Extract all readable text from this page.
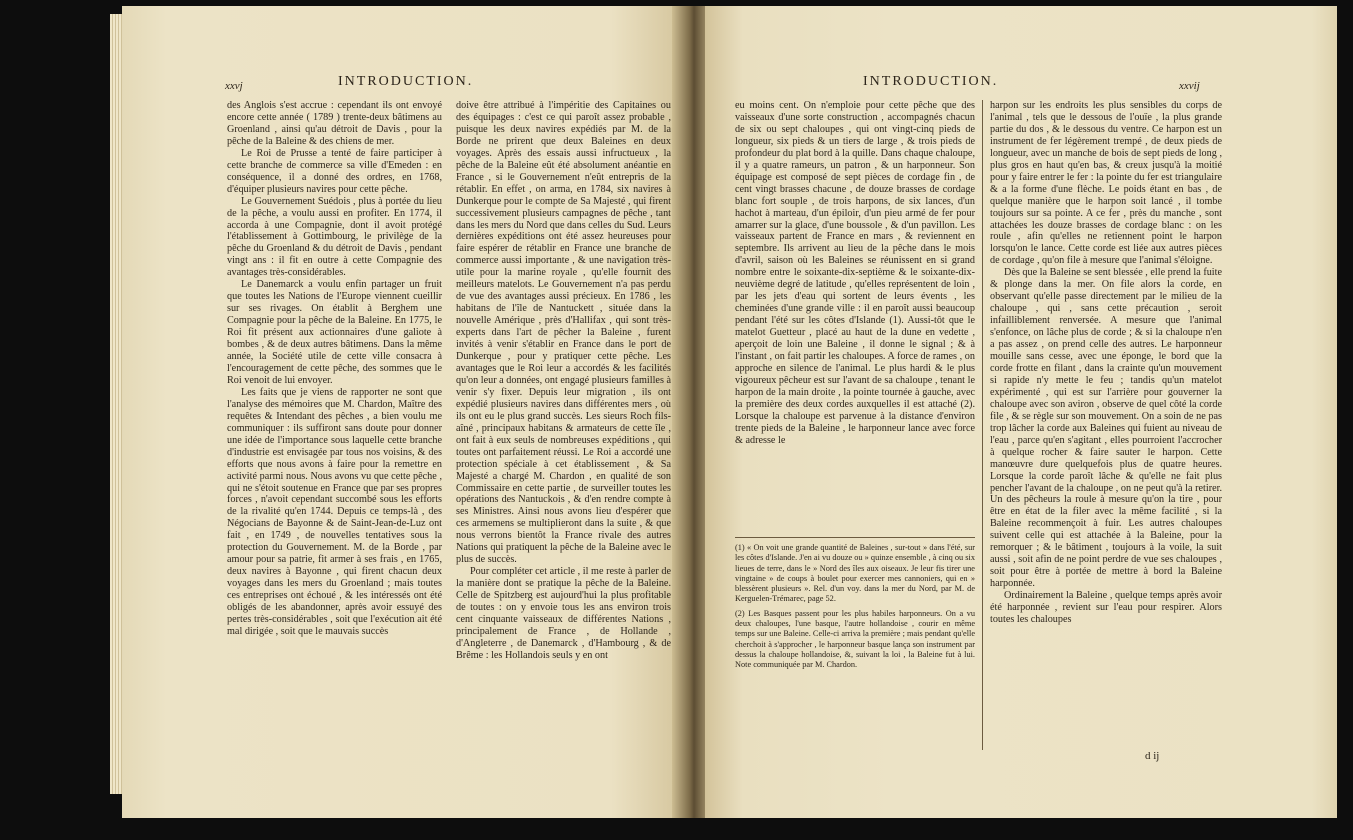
xxvj	INTRODUCTION.

des Anglois s'est accrue : cependant ils ont envoyé encore cette année ( 1789 ) trente-deux bâtimens au Groenland , ainsi qu'au détroit de Davis , pour la pêche de la Baleine & des chiens de mer.

Le Roi de Prusse a tenté de faire participer à cette branche de commerce sa ville d'Emeden : en conséquence, il a donné des ordres, en 1768, d'équiper plusieurs navires pour cette pêche.

Le Gouvernement Suédois , plus à portée du lieu de la pêche, a voulu aussi en profiter. En 1774, il accorda à une Compagnie, dont il avoit protégé l'établissement à Gottimbourg, le privilège de la pêche du Groenland & du détroit de Davis , pendant vingt ans : il fit en outre à cette Compagnie des avantages très-considérables.

Le Danemarck a voulu enfin partager un fruit que toutes les Nations de l'Europe viennent cueillir sur ses rivages. On établit à Berghem une Compagnie pour la pêche de la Baleine. En 1775, le Roi fit présent aux actionnaires d'une galiote à bombes , & de deux autres bâtimens. Dans la même année, la Société utile de cette ville consacra à l'encouragement de cette pêche, des sommes que le Roi venoit de lui envoyer.

Les faits que je viens de rapporter ne sont que l'analyse des mémoires que M. Chardon, Maître des requêtes & Intendant des pêches , a bien voulu me communiquer : ils suffiront sans doute pour donner une idée de l'importance sous laquelle cette branche d'industrie est envisagée par tous nos voisins, & des efforts que nous avons à faire pour la remettre en activité parmi nous. Nous avons vu que cette pêche , qui ne s'étoit soutenue en France que par ses propres forces , n'avoit cependant succombé sous les efforts de la rivalité qu'en 1744. Depuis ce temps-là , des Négocians de Bayonne & de Saint-Jean-de-Luz ont fait , en 1749 , de nouvelles tentatives sous la protection du Gouvernement. M. de la Borde , par amour pour sa patrie, fit armer à ses frais , en 1765, deux navires à Bayonne , qui firent chacun deux voyages dans les mers du Groenland ; mais toutes ces entreprises ont échoué , & les intéressés ont été obligés de les abandonner, après avoir essuyé des pertes très-considérables , soit que l'exécution ait été mal dirigée , soit que le mauvais succès

doive être attribué à l'impéritie des Capitaines ou des équipages : c'est ce qui paroît assez probable , puisque les deux navires expédiés par M. de la Borde ne prirent que deux Baleines en deux voyages. Après des essais aussi infructueux , la pêche de la Baleine eût été absolument anéantie en France , si le Gouvernement n'eût entrepris de la rétablir. En effet , on arma, en 1784, six navires à Dunkerque pour le compte de Sa Majesté , qui firent successivement plusieurs campagnes de pêche , tant dans les mers du Nord que dans celles du Sud. Leurs dernières expéditions ont été assez heureuses pour faire espérer de rétablir en France une branche de commerce aussi importante , & une navigation très-utile pour la marine royale , qu'elle fournit des meilleurs matelots. Le Gouvernement n'a pas perdu de vue des avantages aussi précieux. En 1786 , les habitans de l'île de Nantuckett , située dans la nouvelle Amérique , près d'Hallifax , qui sont très-experts dans l'art de pêcher la Baleine , furent invités à venir s'établir en France dans le port de Dunkerque , pour y pratiquer cette pêche. Les avantages que le Roi leur a accordés & les facilités qu'on leur a données, ont engagé plusieurs familles à venir s'y fixer. Depuis leur migration , ils ont expédié plusieurs navires dans différentes mers , où ils ont eu le plus grand succès. Les sieurs Roch fils-aîné , principaux habitans & armateurs de cette île , ont fait à eux seuls de nombreuses expéditions , qui toutes ont parfaitement réussi. Le Roi a accordé une protection spéciale à cet établissement , & Sa Majesté a chargé M. Chardon , en qualité de son Commissaire en cette partie , de surveiller toutes les opérations des Nantuckois , & d'en rendre compte à ses Ministres. Ainsi nous avons lieu d'espérer que ces armemens se multiplieront dans la suite , & que nous verrons bientôt la France rivale des autres Nations qui pratiquent la pêche de la Baleine avec le plus de succès.

Pour compléter cet article , il me reste à parler de la manière dont se pratique la pêche de la Baleine. Celle de Spitzberg est aujourd'hui la plus profitable de toutes : on y envoie tous les ans environ trois cent cinquante vaisseaux de différentes Nations , principalement de France , de Hollande , d'Angleterre , de Danemarck , d'Hambourg , & de Brême : les Hollandois seuls y en ont

INTRODUCTION.	xxvij

eu moins cent. On n'emploie pour cette pêche que des vaisseaux d'une sorte construction , accompagnés chacun de six ou sept chaloupes , qui ont vingt-cinq pieds de longueur, six pieds & un tiers de large , & trois pieds de profondeur du plat bord à la quille. Dans chaque chaloupe, il y a quatre rameurs, un patron , & un harponneur. Son équipage est composé de sept pièces de cordage fin , de cent vingt brasses chacune , de douze brasses de cordage blanc fort souple , de trois harpons, de six lances, d'un hachot à marteau, d'un épiloir, d'un pieu armé de fer pour amarrer sur la glace, d'une boussole , & d'un pavillon. Les vaisseaux partent de France en mars , & reviennent en septembre. Ils arrivent au lieu de la pêche dans le mois d'avril, saison où les Baleines se réunissent en si grand nombre entre le soixante-dix-septième & le soixante-dix-neuvième degré de latitude , qu'elles représentent de loin , par les jets d'eau qui sortent de leurs évents , les cheminées d'une grande ville : il en paroît aussi beaucoup pendant l'été sur les côtes d'Islande (1). Aussi-tôt que le matelot Guetteur , placé au haut de la dune en vedette , aperçoit de loin une Baleine , il donne le signal ; & à l'instant , on fait partir les chaloupes. A force de rames , on approche en silence de l'animal. Le plus hardi & le plus vigoureux pêcheur est sur l'avant de sa chaloupe , tenant le harpon de la main droite , la pointe tournée à gauche, avec la première des deux cordes auxquelles il est attaché (2). Lorsque la chaloupe est parvenue à la distance d'environ trente pieds de la Baleine , le harponneur lance avec force & adresse le

(1) « On voit une grande quantité de Baleines , sur-tout » dans l'été, sur les côtes d'Islande. J'en ai vu douze ou » quinze ensemble , à cinq ou six lieues de terre, dans le » Nord des îles aux oiseaux. Je leur fis tirer une vingtaine » de coups à boulet pour exercer mes cannoniers, qui en » blessèrent plusieurs ». Rel. d'un voy. dans la mer du Nord, par M. de Kerguelen-Trémarec, page 52.

(2) Les Basques passent pour les plus habiles harponneurs. On a vu deux chaloupes, l'une basque, l'autre hollandoise , courir en même temps sur une Baleine. Celle-ci arriva la première ; mais pendant qu'elle cherchoit à s'approcher , le harponneur basque lança son instrument par dessus la chaloupe hollandoise, &, suivant la loi , la Baleine fut à lui. Note communiquée par M. Chardon.

harpon sur les endroits les plus sensibles du corps de l'animal , tels que le dessous de l'ouïe , la plus grande partie du dos , & le dessous du ventre. Ce harpon est un instrument de fer légèrement trempé , de deux pieds de longueur, avec un manche de bois de sept pieds de long , plus gros en haut qu'en bas, & creux jusqu'à la moitié pour y faire entrer le fer : la pointe du fer est triangulaire & a la forme d'une flèche. Le poids étant en bas , de quelque manière que le harpon soit lancé , il tombe toujours sur sa pointe. A ce fer , près du manche , sont attachées les douze brasses de cordage blanc : on les roule , afin qu'elles ne retiennent point le harpon lorsqu'on le lance. Cette corde est liée aux autres pièces de cordage , qu'on file à mesure que l'animal s'éloigne.

Dès que la Baleine se sent blessée , elle prend la fuite & plonge dans la mer. On file alors la corde, en observant qu'elle passe directement par le milieu de la chaloupe , qui , sans cette précaution , seroit infailliblement renversée. A mesure que l'animal s'enfonce, on lâche plus de corde ; & si la chaloupe n'en a pas assez , on prend celle des autres. Le harponneur mouille sans cesse, avec une éponge, le bord que la corde frotte en filant , dans la crainte qu'un mouvement si rapide n'y mette le feu ; tandis qu'un matelot expérimenté , qui est sur l'arrière pour gouverner la chaloupe avec son aviron , observe de quel côté la corde file , & se règle sur son mouvement. On a soin de ne pas trop lâcher la corde aux Baleines qui fuient au niveau de l'eau , parce qu'en s'agitant , elles pourroient l'accrocher à quelque rocher & faire sauter le harpon. Cette manœuvre dure quelquefois plus de quatre heures. Lorsque la corde paroît lâche & qu'elle ne fait plus pencher l'avant de la chaloupe , on ne peut qu'à la retirer. Un des pêcheurs la roule à mesure qu'on la tire , pour être en état de la filer avec la même facilité , si la Baleine recommençoit à fuir. Les autres chaloupes suivent celle qui est attachée à la Baleine, pour la remorquer ; & le bâtiment , toujours à la voile, la suit aussi , soit afin de ne point perdre de vue ses chaloupes , soit pour être à portée de mettre à bord la Baleine harponnée.

Ordinairement la Baleine , quelque temps après avoir été harponnée , revient sur l'eau pour respirer. Alors toutes les chaloupes

d ij
